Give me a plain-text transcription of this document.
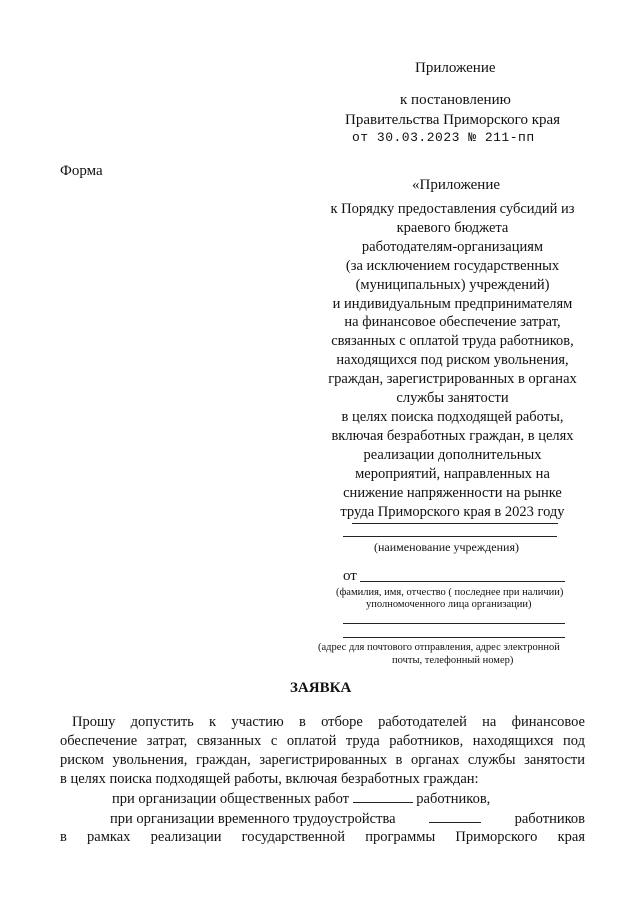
Приложение
к постановлению
Правительства Приморского края
от 30.03.2023 № 211-пп
Форма
«Приложение
к Порядку предоставления субсидий из
краевого бюджета
работодателям-организациям
(за исключением государственных
(муниципальных) учреждений)
и индивидуальным предпринимателям
на финансовое обеспечение затрат,
связанных с оплатой труда работников,
находящихся под риском увольнения,
граждан, зарегистрированных в органах
службы занятости
в целях поиска подходящей работы,
включая безработных граждан, в целях
реализации дополнительных
мероприятий, направленных на
снижение напряженности на рынке
труда Приморского края в 2023 году
(наименование учреждения)
от
(фамилия, имя, отчество ( последнее при наличии)
уполномоченного лица организации)
(адрес для почтового отправления, адрес электронной
почты, телефонный номер)
ЗАЯВКА
Прошу допустить к участию в отборе работодателей на финансовое
обеспечение затрат, связанных с оплатой труда работников, находящихся под
риском увольнения, граждан, зарегистрированных в органах службы занятости
в целях поиска подходящей работы, включая безработных граждан:
при организации общественных работ	работников,
при организации временного трудоустройства	работников
в рамках реализации государственной программы Приморского края
